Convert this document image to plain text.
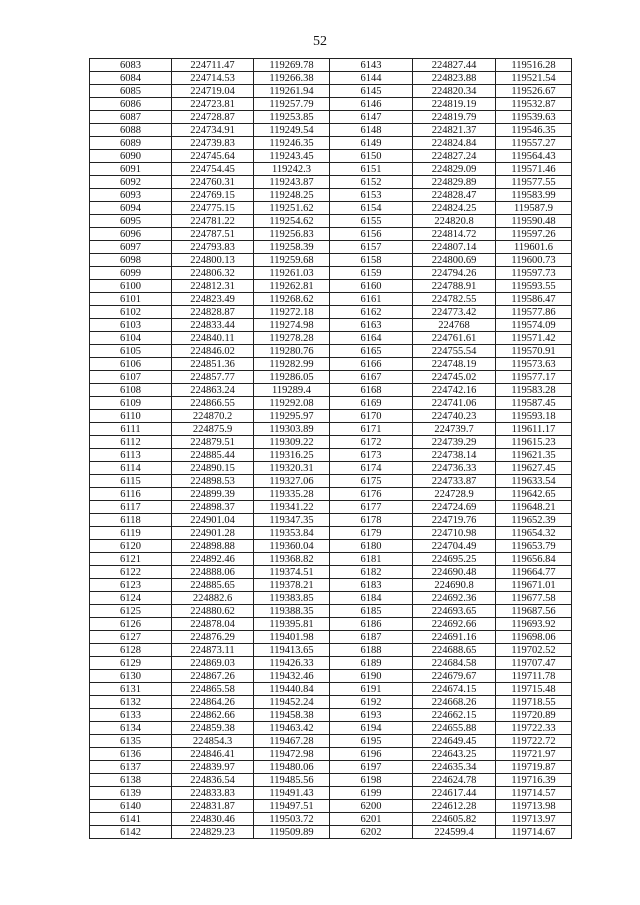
52
6083	224711.47	119269.78	6143	224827.44	119516.28
6084	224714.53	119266.38	6144	224823.88	119521.54
6085	224719.04	119261.94	6145	224820.34	119526.67
6086	224723.81	119257.79	6146	224819.19	119532.87
6087	224728.87	119253.85	6147	224819.79	119539.63
6088	224734.91	119249.54	6148	224821.37	119546.35
6089	224739.83	119246.35	6149	224824.84	119557.27
6090	224745.64	119243.45	6150	224827.24	119564.43
6091	224754.45	119242.3	6151	224829.09	119571.46
6092	224760.31	119243.87	6152	224829.89	119577.55
6093	224769.15	119248.25	6153	224828.47	119583.99
6094	224775.15	119251.62	6154	224824.25	119587.9
6095	224781.22	119254.62	6155	224820.8	119590.48
6096	224787.51	119256.83	6156	224814.72	119597.26
6097	224793.83	119258.39	6157	224807.14	119601.6
6098	224800.13	119259.68	6158	224800.69	119600.73
6099	224806.32	119261.03	6159	224794.26	119597.73
6100	224812.31	119262.81	6160	224788.91	119593.55
6101	224823.49	119268.62	6161	224782.55	119586.47
6102	224828.87	119272.18	6162	224773.42	119577.86
6103	224833.44	119274.98	6163	224768	119574.09
6104	224840.11	119278.28	6164	224761.61	119571.42
6105	224846.02	119280.76	6165	224755.54	119570.91
6106	224851.36	119282.99	6166	224748.19	119573.63
6107	224857.77	119286.05	6167	224745.02	119577.17
6108	224863.24	119289.4	6168	224742.16	119583.28
6109	224866.55	119292.08	6169	224741.06	119587.45
6110	224870.2	119295.97	6170	224740.23	119593.18
6111	224875.9	119303.89	6171	224739.7	119611.17
6112	224879.51	119309.22	6172	224739.29	119615.23
6113	224885.44	119316.25	6173	224738.14	119621.35
6114	224890.15	119320.31	6174	224736.33	119627.45
6115	224898.53	119327.06	6175	224733.87	119633.54
6116	224899.39	119335.28	6176	224728.9	119642.65
6117	224898.37	119341.22	6177	224724.69	119648.21
6118	224901.04	119347.35	6178	224719.76	119652.39
6119	224901.28	119353.84	6179	224710.98	119654.32
6120	224898.88	119360.04	6180	224704.49	119653.79
6121	224892.46	119368.82	6181	224695.25	119656.84
6122	224888.06	119374.51	6182	224690.48	119664.77
6123	224885.65	119378.21	6183	224690.8	119671.01
6124	224882.6	119383.85	6184	224692.36	119677.58
6125	224880.62	119388.35	6185	224693.65	119687.56
6126	224878.04	119395.81	6186	224692.66	119693.92
6127	224876.29	119401.98	6187	224691.16	119698.06
6128	224873.11	119413.65	6188	224688.65	119702.52
6129	224869.03	119426.33	6189	224684.58	119707.47
6130	224867.26	119432.46	6190	224679.67	119711.78
6131	224865.58	119440.84	6191	224674.15	119715.48
6132	224864.26	119452.24	6192	224668.26	119718.55
6133	224862.66	119458.38	6193	224662.15	119720.89
6134	224859.38	119463.42	6194	224655.88	119722.33
6135	224854.3	119467.28	6195	224649.45	119722.72
6136	224846.41	119472.98	6196	224643.25	119721.97
6137	224839.97	119480.06	6197	224635.34	119719.87
6138	224836.54	119485.56	6198	224624.78	119716.39
6139	224833.83	119491.43	6199	224617.44	119714.57
6140	224831.87	119497.51	6200	224612.28	119713.98
6141	224830.46	119503.72	6201	224605.82	119713.97
6142	224829.23	119509.89	6202	224599.4	119714.67
